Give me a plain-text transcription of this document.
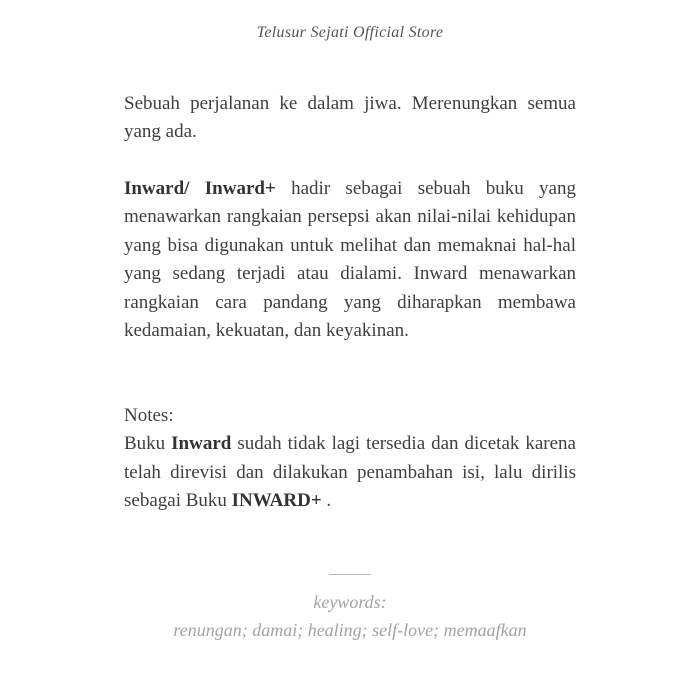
Telusur Sejati Official Store

Sebuah perjalanan ke dalam jiwa. Merenungkan semua yang ada.

Inward/ Inward+ hadir sebagai sebuah buku yang menawarkan rangkaian persepsi akan nilai-nilai kehidupan yang bisa digunakan untuk melihat dan memaknai hal-hal yang sedang terjadi atau dialami. Inward menawarkan rangkaian cara pandang yang diharapkan membawa kedamaian, kekuatan, dan keyakinan.

Notes:

Buku Inward sudah tidak lagi tersedia dan dicetak karena telah direvisi dan dilakukan penambahan isi, lalu dirilis sebagai Buku INWARD+ .

keywords:
renungan; damai; healing; self-love; memaafkan
